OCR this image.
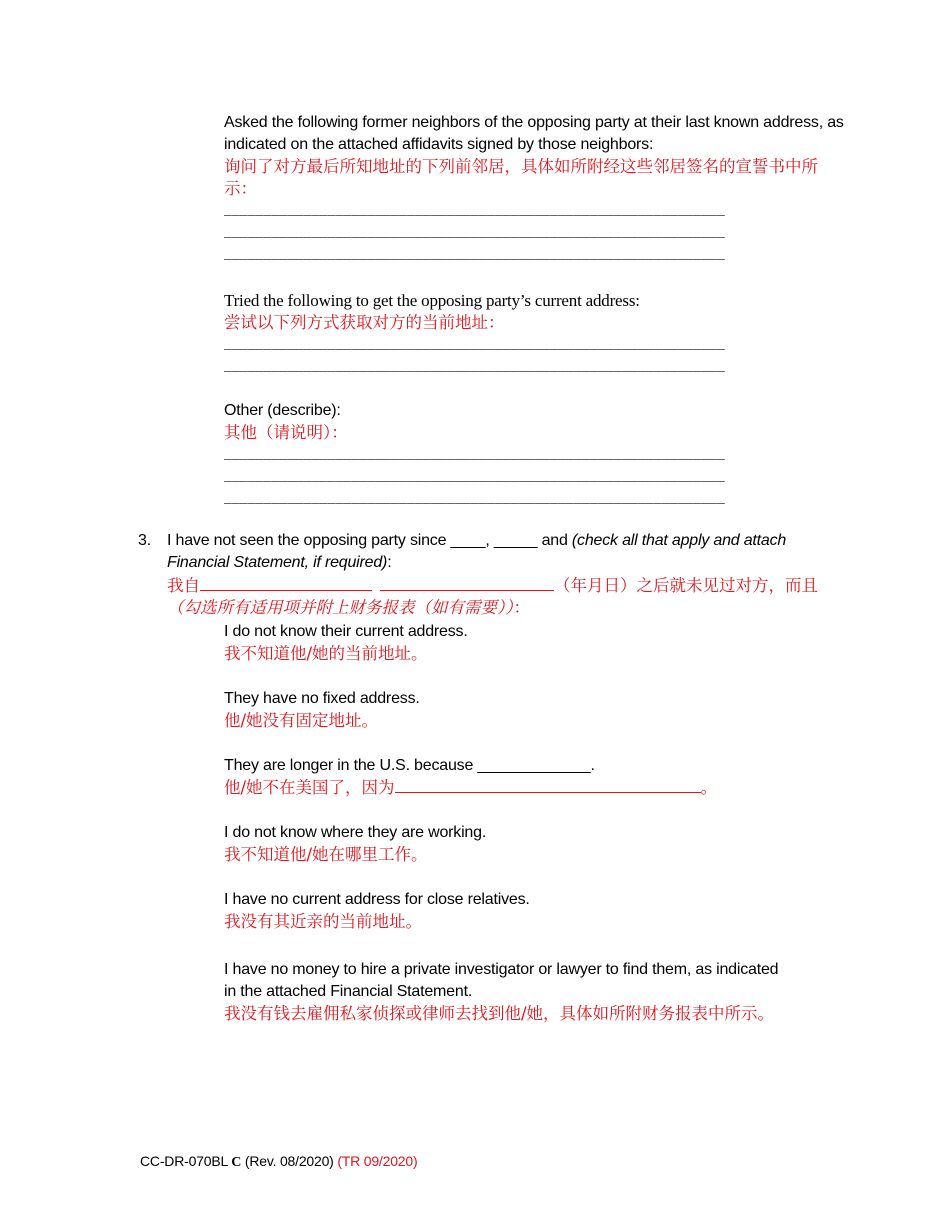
Asked the following former neighbors of the opposing party at their last known address, as indicated on the attached affidavits signed by those neighbors:
询问了对方最后所知地址的下列前邻居，具体如所附经这些邻居签名的宣誓书中所示：
_______________________________________________________________
_______________________________________________________________
_______________________________________________________________
Tried the following to get the opposing party’s current address:
尝试以下列方式获取对方的当前地址：
_______________________________________________________________
_______________________________________________________________
Other (describe):
其他（请说明）：
_______________________________________________________________
_______________________________________________________________
_______________________________________________________________
3. I have not seen the opposing party since ____, _____ and (check all that apply and attach Financial Statement, if required):
我自	（年月日）之后就未见过对方，而且（勾选所有适用项并附上财务报表（如有需要））：
I do not know their current address.
我不知道他/她的当前地址。
They have no fixed address.
他/她没有固定地址。
They are longer in the U.S. because _____________.
他/她不在美国了，因为	。
I do not know where they are working.
我不知道他/她在哪里工作。
I have no current address for close relatives.
我没有其近亲的当前地址。
I have no money to hire a private investigator or lawyer to find them, as indicated in the attached Financial Statement.
我没有钱去雇佣私家侦探或律师去找到他/她，具体如所附财务报表中所示。
CC-DR-070BL C (Rev. 08/2020) (TR 09/2020)
